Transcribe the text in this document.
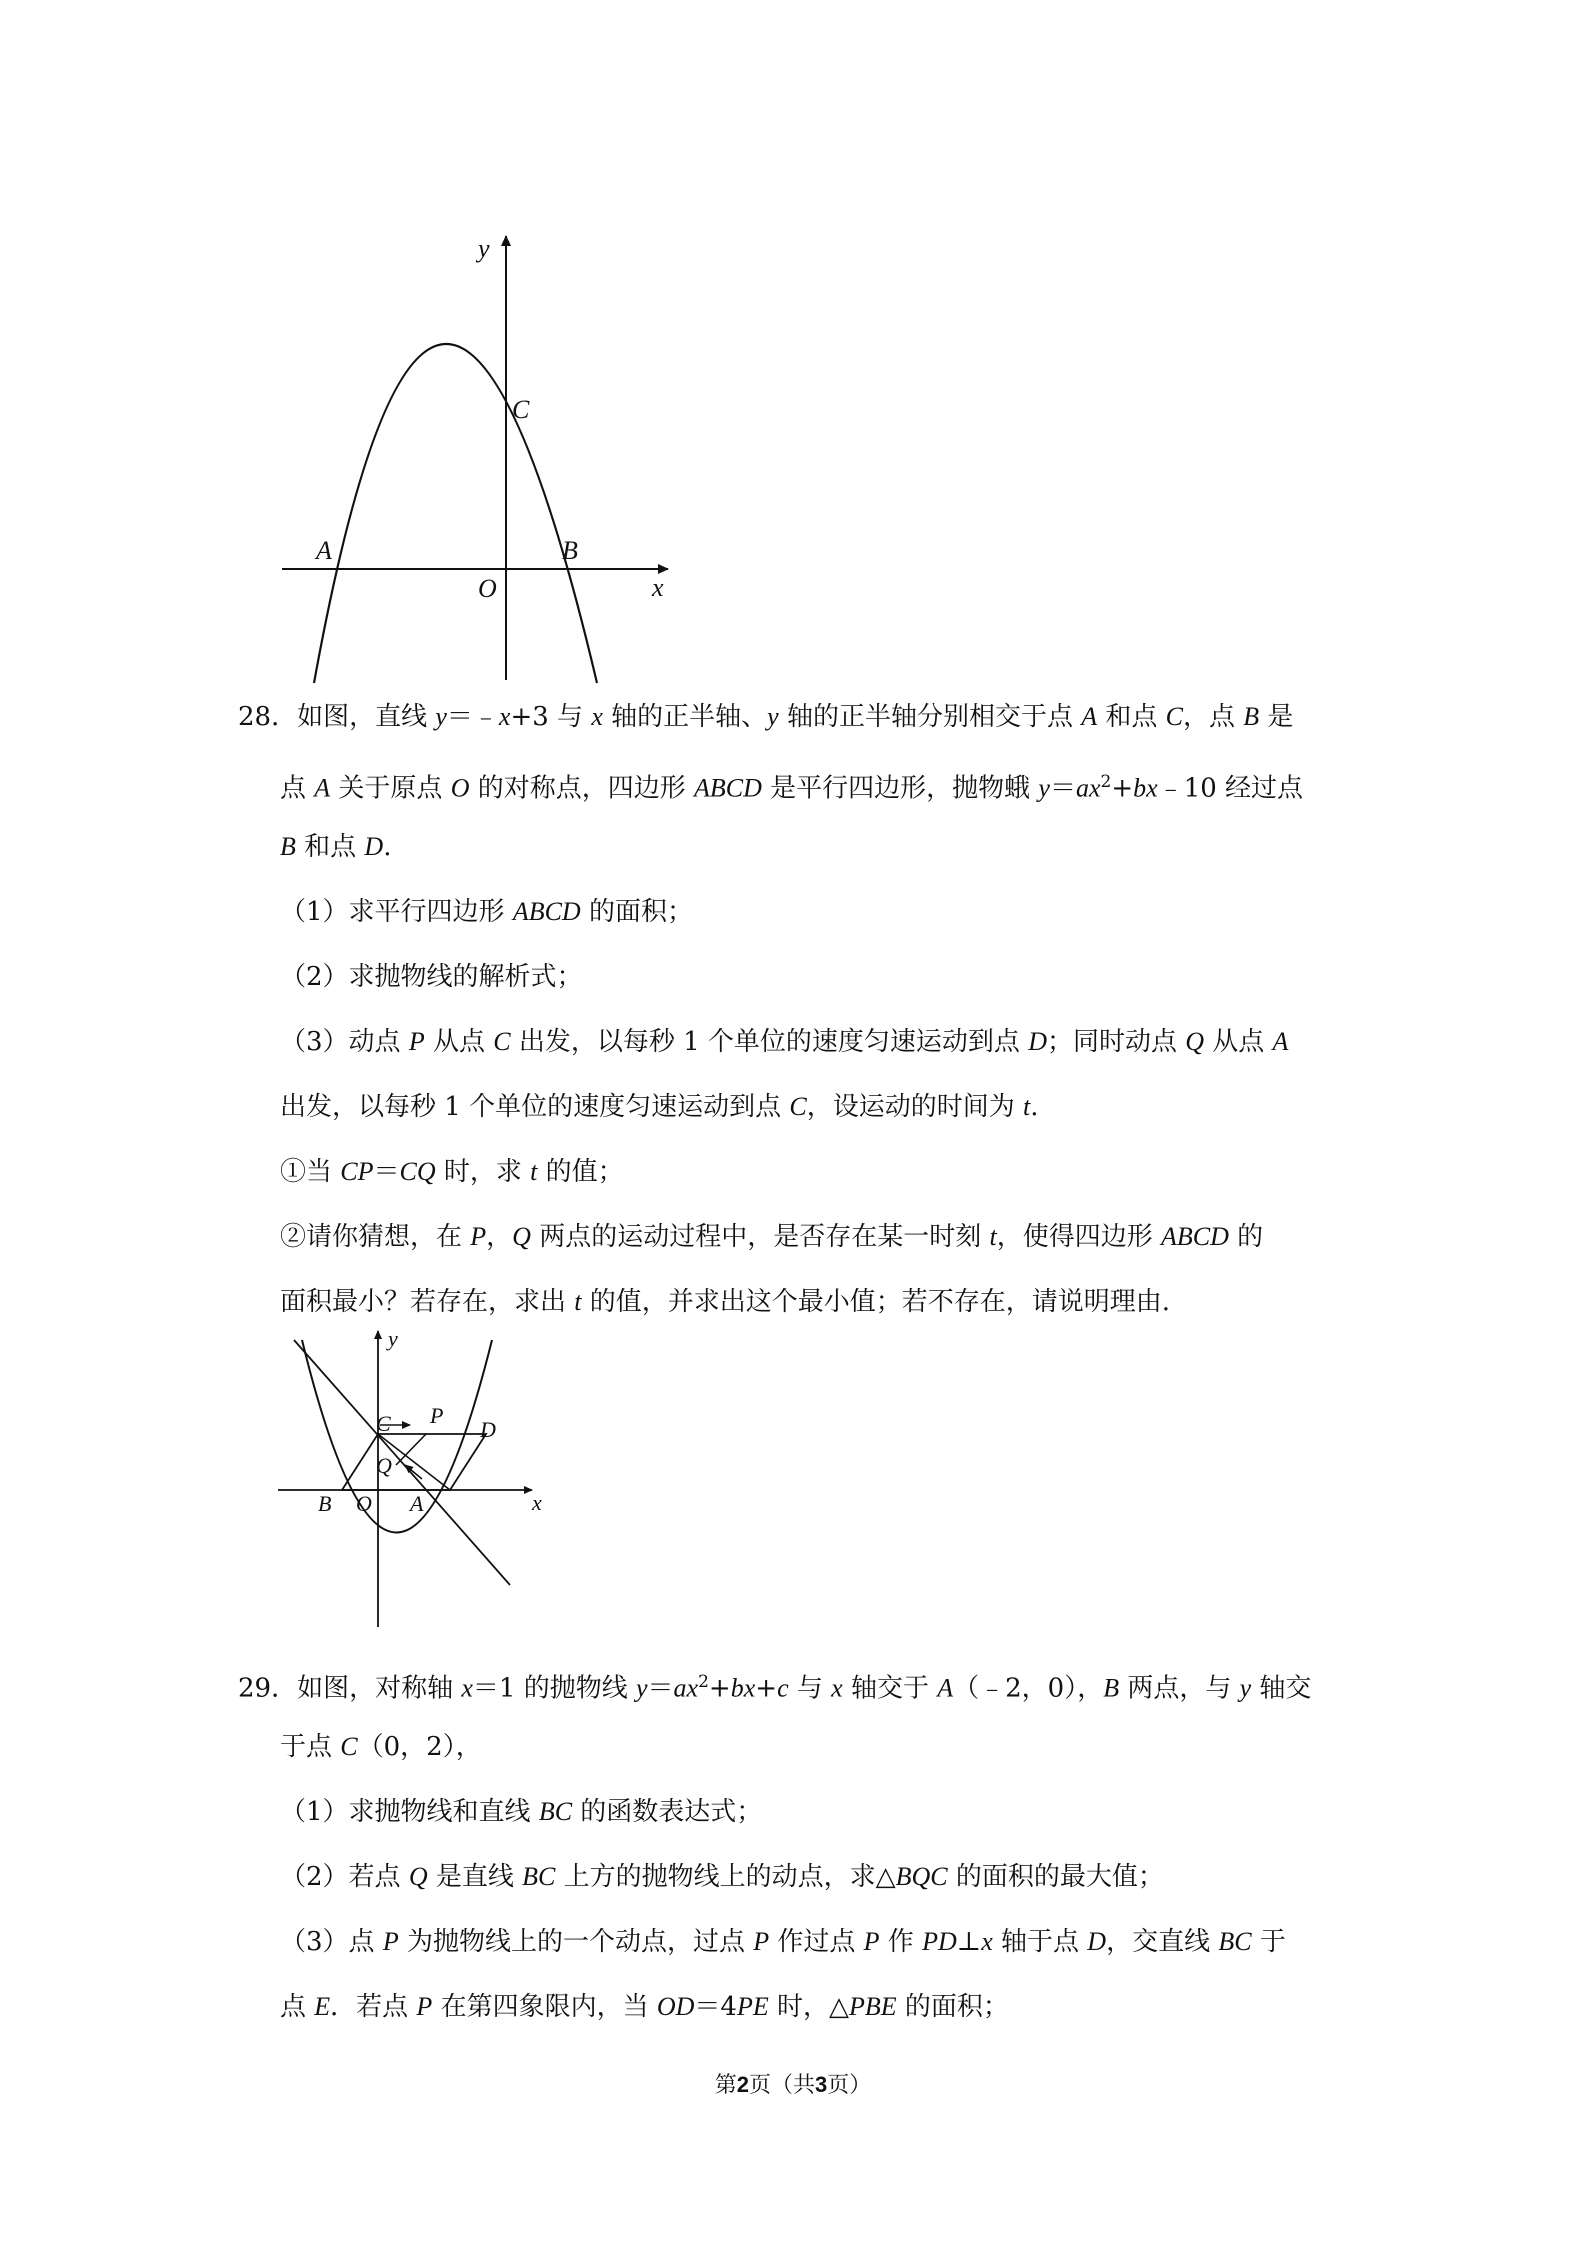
y
x
A	B
C
O
28．如图，直线 y＝﹣x+3 与 x 轴的正半轴、y 轴的正半轴分别相交于点 A 和点 C，点 B 是
点 A 关于原点 O 的对称点，四边形 ABCD 是平行四边形，抛物蛾 $y=ax^2+bx﹣10$ 经过点
B 和点 D.
（1）求平行四边形 ABCD 的面积；
（2）求抛物线的解析式；
（3）动点 P 从点 C 出发，以每秒 1 个单位的速度匀速运动到点 D；同时动点 Q 从点 A
出发，以每秒 1 个单位的速度匀速运动到点 C，设运动的时间为 t.
①当 CP＝CQ 时，求 t 的值；
②请你猜想，在 P，Q 两点的运动过程中，是否存在某一时刻 t，使得四边形 ABCD 的
面积最小？若存在，求出 t 的值，并求出这个最小值；若不存在，请说明理由.
y
x
B O A
C	D
Q
P
29．如图，对称轴 x＝1 的抛物线 $y=ax^2+bx+c$ 与 x 轴交于 A（﹣2，0），B 两点，与 y 轴交
于点 C（0，2），
（1）求抛物线和直线 BC 的函数表达式；
（2）若点 Q 是直线 BC 上方的抛物线上的动点，求△BQC 的面积的最大值；
（3）点 P 为抛物线上的一个动点，过点 P 作过点 P 作 PD⊥x 轴于点 D，交直线 BC 于
点 E．若点 P 在第四象限内，当 OD＝4PE 时，△PBE 的面积；
第2页（共3页）
